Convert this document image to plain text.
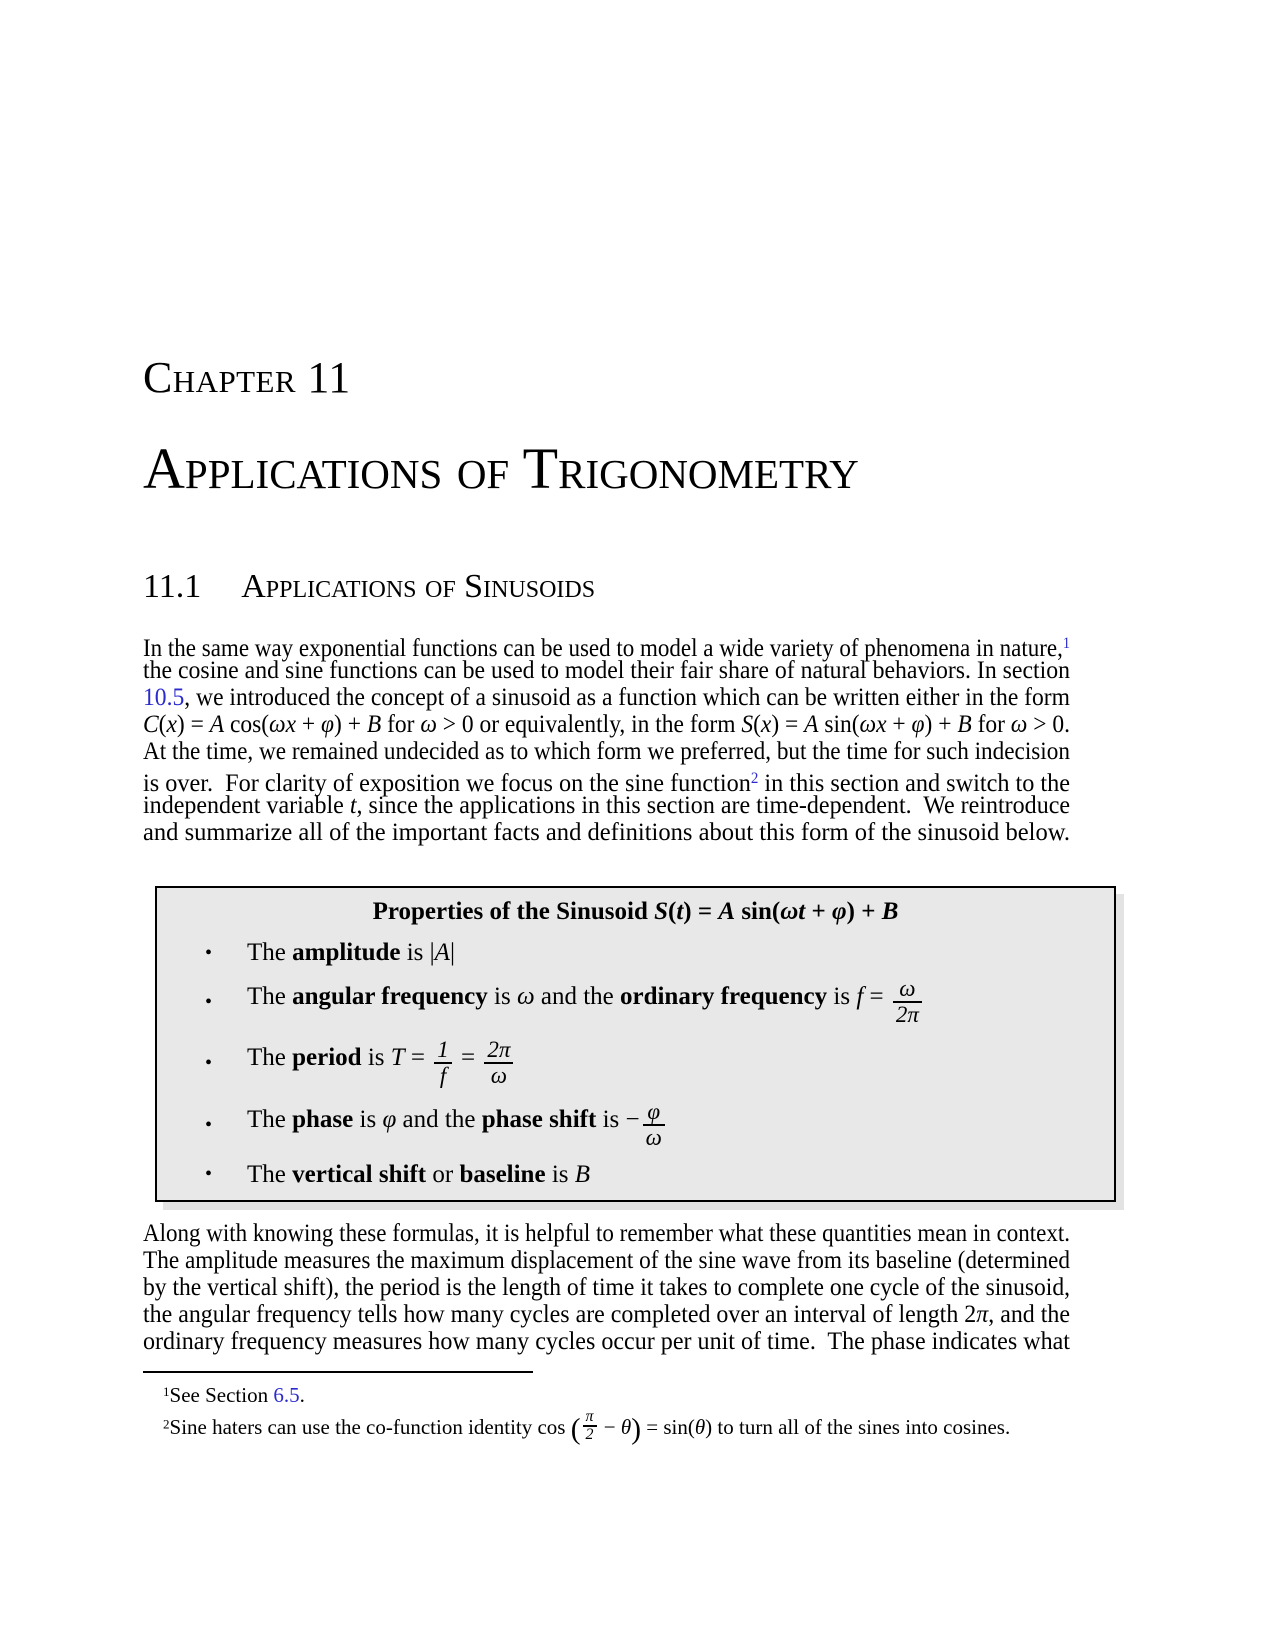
Chapter 11
Applications of Trigonometry
11.1 Applications of Sinusoids
In the same way exponential functions can be used to model a wide variety of phenomena in nature,$^1$
the cosine and sine functions can be used to model their fair share of natural behaviors. In section
10.5, we introduced the concept of a sinusoid as a function which can be written either in the form
C(x) = A cos(ωx + φ) + B for ω > 0 or equivalently, in the form S(x) = A sin(ωx + φ) + B for ω > 0.
At the time, we remained undecided as to which form we preferred, but the time for such indecision
is over.  For clarity of exposition we focus on the sine function$^2$ in this section and switch to the
independent variable t, since the applications in this section are time-dependent.  We reintroduce
and summarize all of the important facts and definitions about this form of the sinusoid below.
Properties of the Sinusoid S(t) = A sin(ωt + φ) + B
• The amplitude is |A|
• The angular frequency is ω and the ordinary frequency is $f = \frac{\omega}{2\pi}$
• The period is $T = \frac{1}{f} = \frac{2\pi}{\omega}$
• The phase is φ and the phase shift is − $\frac{\varphi}{\omega}$
• The vertical shift or baseline is B
Along with knowing these formulas, it is helpful to remember what these quantities mean in context.
The amplitude measures the maximum displacement of the sine wave from its baseline (determined
by the vertical shift), the period is the length of time it takes to complete one cycle of the sinusoid,
the angular frequency tells how many cycles are completed over an interval of length 2π, and the
ordinary frequency measures how many cycles occur per unit of time.  The phase indicates what
$^1$See Section 6.5.
$^2$Sine haters can use the co-function identity cos ( $\frac{\pi}{2} - \theta) = \sin(\theta)$ to turn all of the sines into cosines.
